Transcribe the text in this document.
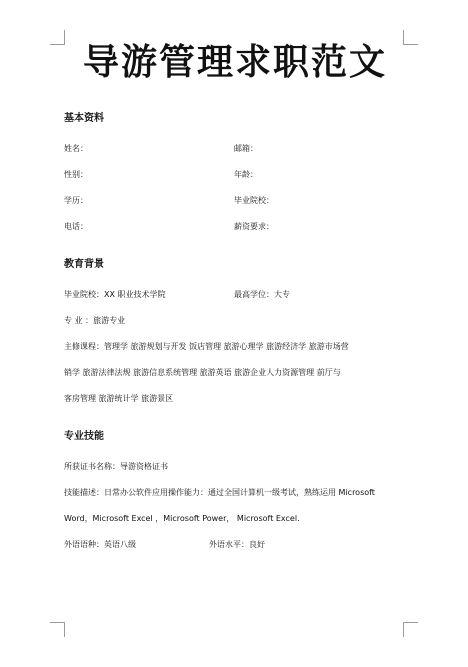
导游管理求职范文
基本资料
姓名：	邮箱：
性别：	年龄：
学历：	毕业院校：
电话：	薪资要求：
教育背景
毕业院校：XX 职业技术学院	最高学位：大专

专 业 ：旅游专业

主修课程：管理学 旅游规划与开发 饭店管理 旅游心理学 旅游经济学 旅游市场营

销学 旅游法律法规 旅游信息系统管理 旅游英语 旅游企业人力资源管理 前厅与

客房管理 旅游统计学 旅游景区

专业技能

所获证书名称：导游资格证书

技能描述：日常办公软件应用操作能力：通过全国计算机一级考试，熟练运用 Microsoft

Word，Microsoft Excel ，Microsoft Power， Microsoft Excel.

外语语种：英语八级	外语水平：良好
